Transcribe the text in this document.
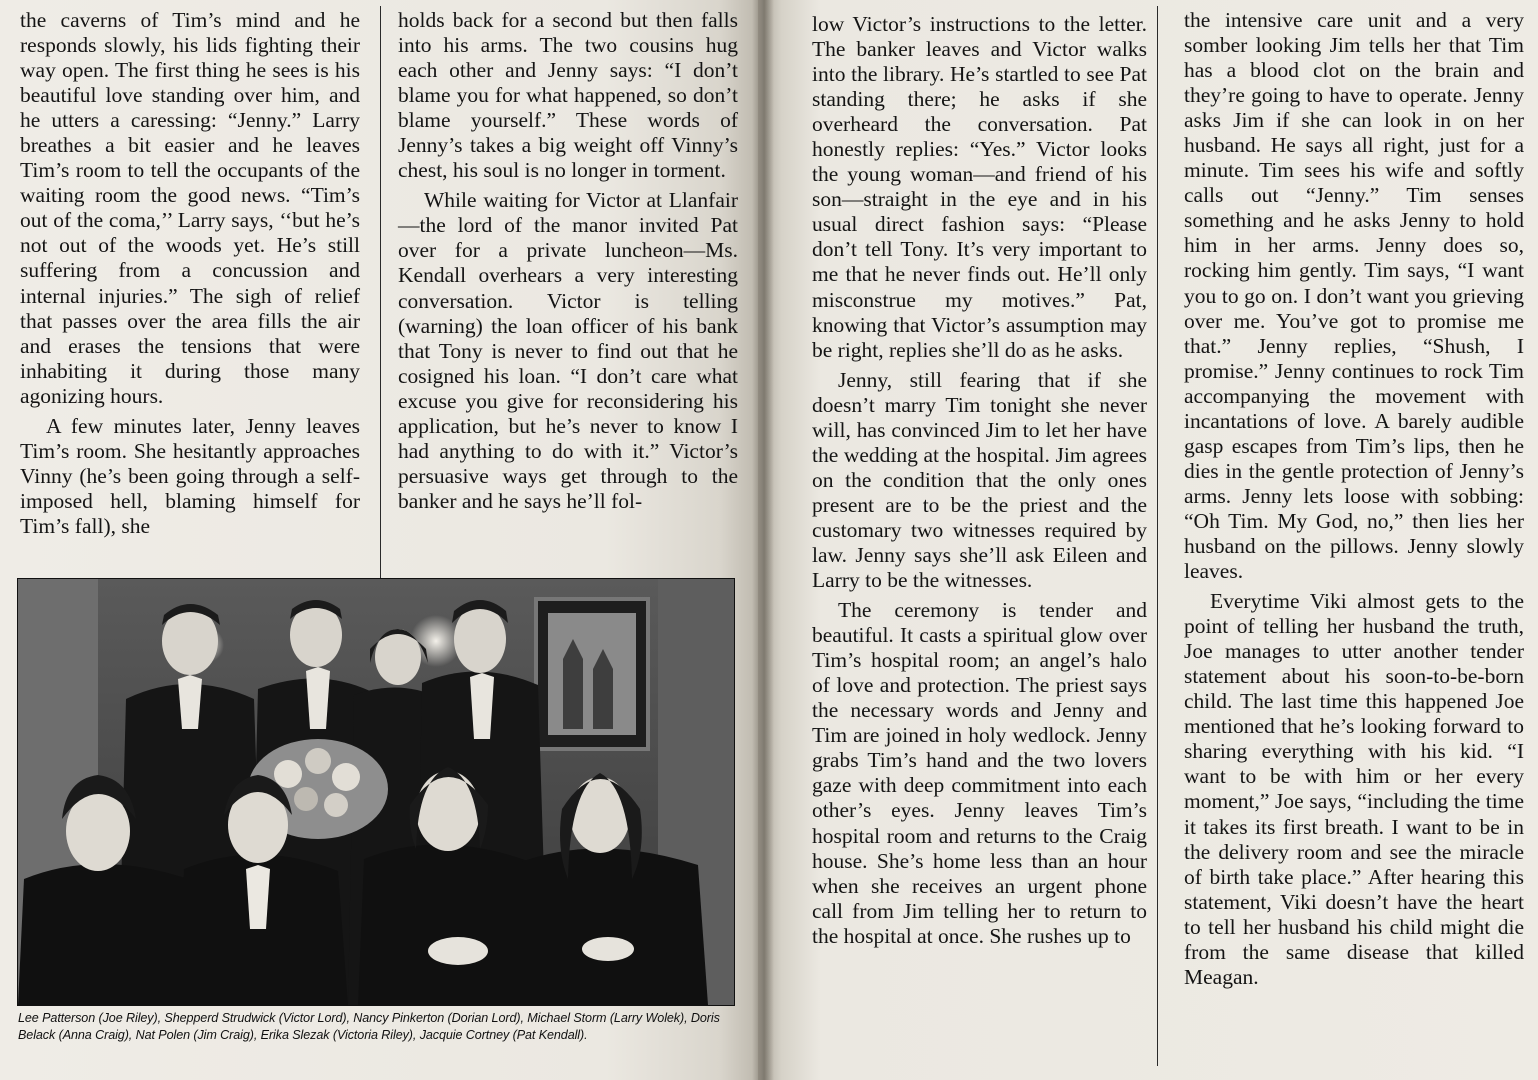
the caverns of Tim’s mind and he responds slowly, his lids fighting their way open. The first thing he sees is his beautiful love standing over him, and he utters a caressing: “Jenny.” Larry breathes a bit easier and he leaves Tim’s room to tell the occupants of the waiting room the good news. “Tim’s out of the coma,’’ Larry says, ‘‘but he’s not out of the woods yet. He’s still suffering from a concussion and internal injuries.” The sigh of relief that passes over the area fills the air and erases the tensions that were inhabiting it during those many agonizing hours.

A few minutes later, Jenny leaves Tim’s room. She hesitantly approaches Vinny (he’s been going through a self-imposed hell, blaming himself for Tim’s fall), she

holds back for a second but then falls into his arms. The two cousins hug each other and Jenny says: “I don’t blame you for what happened, so don’t blame yourself.” These words of Jenny’s takes a big weight off Vinny’s chest, his soul is no longer in torment.

While waiting for Victor at Llanfair—the lord of the manor invited Pat over for a private luncheon—Ms. Kendall overhears a very interesting conversation. Victor is telling (warning) the loan officer of his bank that Tony is never to find out that he cosigned his loan. “I don’t care what excuse you give for reconsidering his application, but he’s never to know I had anything to do with it.” Victor’s persuasive ways get through to the banker and he says he’ll fol-

Lee Patterson (Joe Riley), Shepperd Strudwick (Victor Lord), Nancy Pinkerton (Dorian Lord), Michael Storm (Larry Wolek), Doris Belack (Anna Craig), Nat Polen (Jim Craig), Erika Slezak (Victoria Riley), Jacquie Cortney (Pat Kendall).

low Victor’s instructions to the letter. The banker leaves and Victor walks into the library. He’s startled to see Pat standing there; he asks if she overheard the conversation. Pat honestly replies: “Yes.” Victor looks the young woman—and friend of his son—straight in the eye and in his usual direct fashion says: “Please don’t tell Tony. It’s very important to me that he never finds out. He’ll only misconstrue my motives.” Pat, knowing that Victor’s assumption may be right, replies she’ll do as he asks.

Jenny, still fearing that if she doesn’t marry Tim tonight she never will, has convinced Jim to let her have the wedding at the hospital. Jim agrees on the condition that the only ones present are to be the priest and the customary two witnesses required by law. Jenny says she’ll ask Eileen and Larry to be the witnesses.

The ceremony is tender and beautiful. It casts a spiritual glow over Tim’s hospital room; an angel’s halo of love and protection. The priest says the necessary words and Jenny and Tim are joined in holy wedlock. Jenny grabs Tim’s hand and the two lovers gaze with deep commitment into each other’s eyes. Jenny leaves Tim’s hospital room and returns to the Craig house. She’s home less than an hour when she receives an urgent phone call from Jim telling her to return to the hospital at once. She rushes up to

the intensive care unit and a very somber looking Jim tells her that Tim has a blood clot on the brain and they’re going to have to operate. Jenny asks Jim if she can look in on her husband. He says all right, just for a minute. Tim sees his wife and softly calls out “Jenny.” Tim senses something and he asks Jenny to hold him in her arms. Jenny does so, rocking him gently. Tim says, “I want you to go on. I don’t want you grieving over me. You’ve got to promise me that.” Jenny replies, “Shush, I promise.” Jenny continues to rock Tim accompanying the movement with incantations of love. A barely audible gasp escapes from Tim’s lips, then he dies in the gentle protection of Jenny’s arms. Jenny lets loose with sobbing: “Oh Tim. My God, no,” then lies her husband on the pillows. Jenny slowly leaves.

Everytime Viki almost gets to the point of telling her husband the truth, Joe manages to utter another tender statement about his soon-to-be-born child. The last time this happened Joe mentioned that he’s looking forward to sharing everything with his kid. “I want to be with him or her every moment,” Joe says, “including the time it takes its first breath. I want to be in the delivery room and see the miracle of birth take place.” After hearing this statement, Viki doesn’t have the heart to tell her husband his child might die from the same disease that killed Meagan.
